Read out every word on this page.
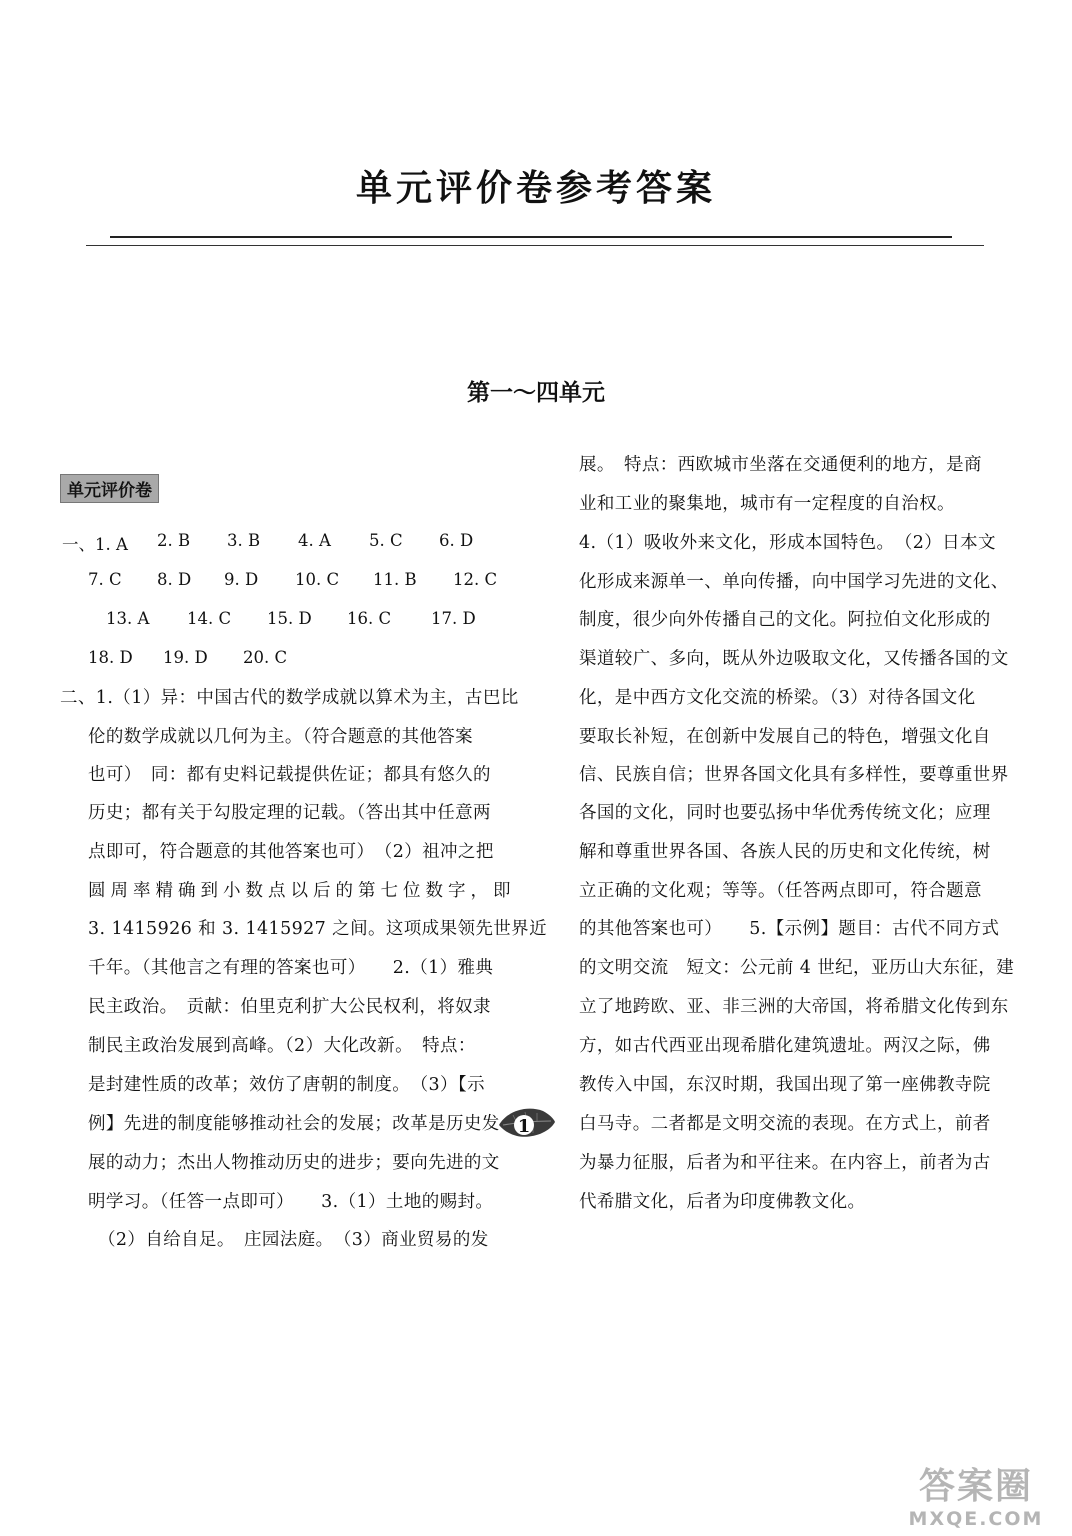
单元评价卷参考答案
第一～四单元
单元评价卷
一、1. A 2. B 3. B 4. A 5. C 6. D
7. C 8. D 9. D 10. C 11. B 12. C
13. A 14. C 15. D 16. C 17. D
18. D 19. D 20. C
二、1.（1）异：中国古代的数学成就以算术为主，古巴比
伦的数学成就以几何为主。（符合题意的其他答案
也可）　同：都有史料记载提供佐证；都具有悠久的
历史；都有关于勾股定理的记载。（答出其中任意两
点即可，符合题意的其他答案也可）　（2）祖冲之把
圆周率精确到小数点以后的第七位数字，即
3. 1415926 和 3. 1415927 之间。这项成果领先世界近
千年。（其他言之有理的答案也可）　　2.（1）雅典
民主政治。　贡献：伯里克利扩大公民权利，将奴隶
制民主政治发展到高峰。（2）大化改新。　特点：
是封建性质的改革；效仿了唐朝的制度。　（3）【示
例】先进的制度能够推动社会的发展；改革是历史发
展的动力；杰出人物推动历史的进步；要向先进的文
明学习。（任答一点即可）　　3.（1）土地的赐封。
（2）自给自足。　庄园法庭。　（3）商业贸易的发
展。　特点：西欧城市坐落在交通便利的地方，是商
业和工业的聚集地，城市有一定程度的自治权。
4.（1）吸收外来文化，形成本国特色。　（2）日本文
化形成来源单一、单向传播，向中国学习先进的文化、
制度，很少向外传播自己的文化。阿拉伯文化形成的
渠道较广、多向，既从外边吸取文化，又传播各国的文
化，是中西方文化交流的桥梁。（3）对待各国文化
要取长补短，在创新中发展自己的特色，增强文化自
信、民族自信；世界各国文化具有多样性，要尊重世界
各国的文化，同时也要弘扬中华优秀传统文化；应理
解和尊重世界各国、各族人民的历史和文化传统，树
立正确的文化观；等等。（任答两点即可，符合题意
的其他答案也可）　　5.【示例】题目：古代不同方式
的文明交流　短文：公元前 4 世纪，亚历山大东征，建
立了地跨欧、亚、非三洲的大帝国，将希腊文化传到东
方，如古代西亚出现希腊化建筑遗址。两汉之际，佛
教传入中国，东汉时期，我国出现了第一座佛教寺院
白马寺。二者都是文明交流的表现。在方式上，前者
为暴力征服，后者为和平往来。在内容上，前者为古
代希腊文化，后者为印度佛教文化。
1
答案圈
MXQE.COM
